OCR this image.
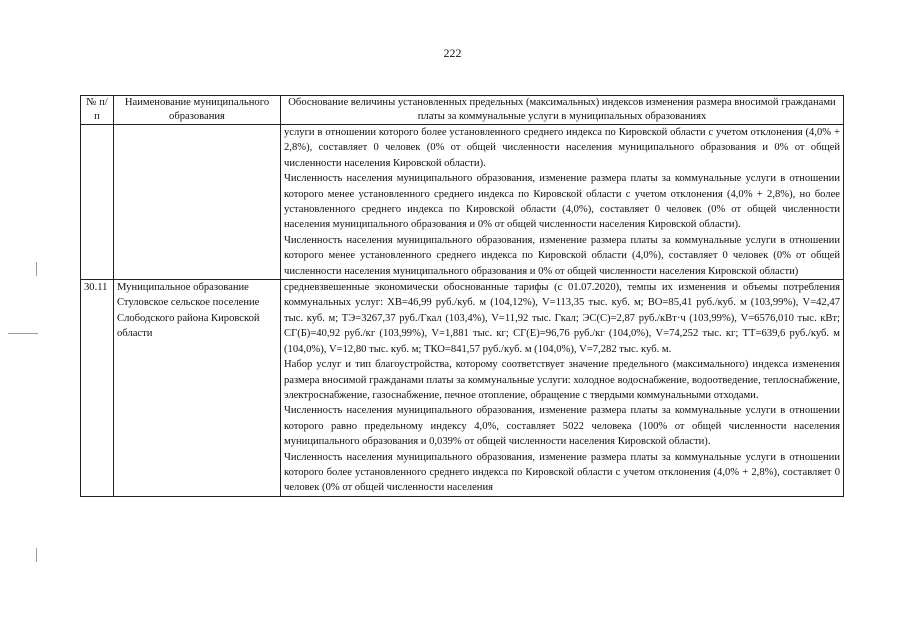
222
№ п/п	Наименование муниципального образования	Обоснование величины установленных предельных (максимальных) индексов изменения размера вносимой гражданами платы за коммунальные услуги в муниципальных образованиях

		услуги в отношении которого более установленного среднего индекса по Кировской области с учетом отклонения (4,0% + 2,8%), составляет 0 человек (0% от общей численности населения муниципального образования и 0% от общей численности населения Кировской области).

Численность населения муниципального образования, изменение размера платы за коммунальные услуги в отношении которого менее установленного среднего индекса по Кировской области с учетом отклонения (4,0% + 2,8%), но более установленного среднего индекса по Кировской области (4,0%), составляет 0 человек (0% от общей численности населения муниципального образования и 0% от общей численности населения Кировской области).

Численность населения муниципального образования, изменение размера платы за коммунальные услуги в отношении которого менее установленного среднего индекса по Кировской области (4,0%), составляет 0 человек (0% от общей численности населения муниципального образования и 0% от общей численности населения Кировской области)

30.11	Муниципальное образование Стуловское сельское поселение Слободского района Кировской области	средневзвешенные экономически обоснованные тарифы (с 01.07.2020), темпы их изменения и объемы потребления коммунальных услуг: ХВ=46,99 руб./куб. м (104,12%), V=113,35 тыс. куб. м; ВО=85,41 руб./куб. м (103,99%), V=42,47 тыс. куб. м; ТЭ=3267,37 руб./Гкал (103,4%), V=11,92 тыс. Гкал; ЭС(С)=2,87 руб./кВт·ч (103,99%), V=6576,010 тыс. кВт; СГ(Б)=40,92 руб./кг (103,99%), V=1,881 тыс. кг; СГ(Е)=96,76 руб./кг (104,0%), V=74,252 тыс. кг; ТТ=639,6 руб./куб. м (104,0%), V=12,80 тыс. куб. м; ТКО=841,57 руб./куб. м (104,0%), V=7,282 тыс. куб. м.

Набор услуг и тип благоустройства, которому соответствует значение предельного (максимального) индекса изменения размера вносимой гражданами платы за коммунальные услуги: холодное водоснабжение, водоотведение, теплоснабжение, электроснабжение, газоснабжение, печное отопление, обращение с твердыми коммунальными отходами.

Численность населения муниципального образования, изменение размера платы за коммунальные услуги в отношении которого равно предельному индексу 4,0%, составляет 5022 человека (100% от общей численности населения муниципального образования и 0,039% от общей численности населения Кировской области).

Численность населения муниципального образования, изменение размера платы за коммунальные услуги в отношении которого более установленного среднего индекса по Кировской области с учетом отклонения (4,0% + 2,8%), составляет 0 человек (0% от общей численности населения
